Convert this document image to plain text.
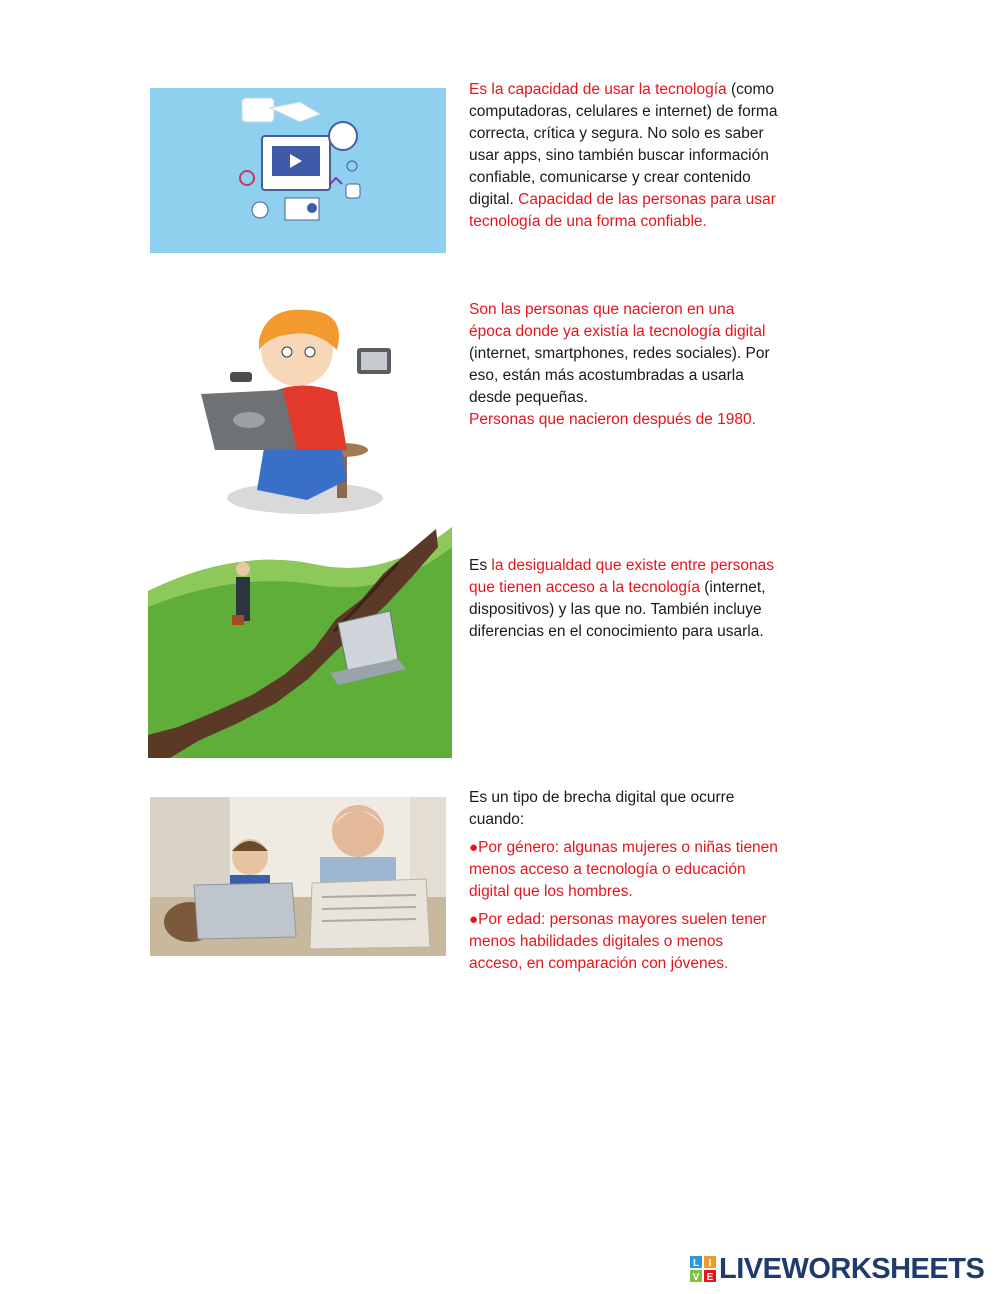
Es la capacidad de usar la tecnología (como computadoras, celulares e internet) de forma correcta, crítica y segura. No solo es saber usar apps, sino también buscar información confiable, comunicarse y crear contenido digital. Capacidad de las personas para usar tecnología de una forma confiable.
Son las personas que nacieron en una época donde ya existía la tecnología digital (internet, smartphones, redes sociales). Por eso, están más acostumbradas a usarla desde pequeñas.
Personas que nacieron después de 1980.
Es la desigualdad que existe entre personas que tienen acceso a la tecnología (internet, dispositivos) y las que no. También incluye diferencias en el conocimiento para usarla.
Es un tipo de brecha digital que ocurre cuando:
●Por género: algunas mujeres o niñas tienen menos acceso a tecnología o educación digital que los hombres.
●Por edad: personas mayores suelen tener menos habilidades digitales o menos acceso, en comparación con jóvenes.
L I
V E LIVEWORKSHEETS
